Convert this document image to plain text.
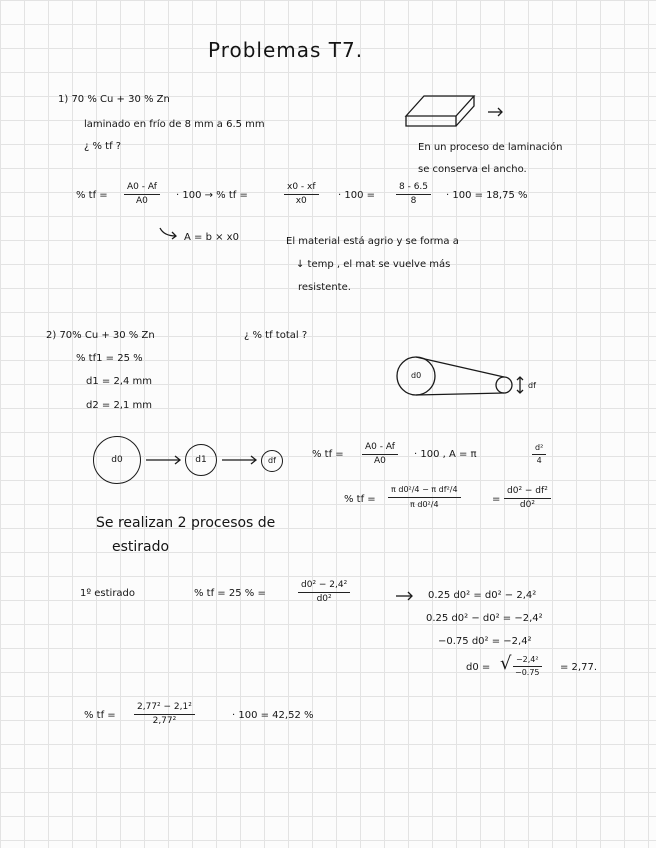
Problemas T7.
1) 70 % Cu + 30 % Zn
laminado en frío de 8 mm a 6.5 mm
¿ % tf ?	En un proceso de laminación
se conserva el ancho.
% tf = $\frac{A0 - Af}{A0} \cdot 100$ → % tf =	$\frac{x0 - xf}{x0} \cdot 100 = \frac{8 - 6.5}{8} \cdot 100 = 18,75$ %
A = b × x0	El material está agrio y se forma a
↓ temp , el mat se vuelve más
resistente.
2) 70% Cu + 30 % Zn	¿ % tf total ?
% tf1 = 25 %
d1 = 2,4 mm
d2 = 2,1 mm
d0
df
d0	d1	df
% tf = $\frac{A0 - Af}{A0} \cdot 100$ , A = π	$\frac{\text{d²}}{4}$
% tf = $\frac{\text{π d0²/4 − π df²/4}}{\text{π d0²/4}}$	= $\frac{\text{d0² − df²}}{\text{d0²}}$
Se realizan 2 procesos de
estirado
1º estirado	% tf = 25 % =	$\frac{\text{d0² − 2,4²}}{\text{d0²}}$	0.25 d0² = d0² − 2,4²
0.25 d0² − d0² = −2,4²
−0.75 d0² = −2,4²
d0 = √ $\frac{\text{−2,4²}}{-0.75} = 2,77$.
% tf = $\frac{\text{2,77² − 2,1²}}{\text{2,77²}}$	· 100 = 42,52 %
